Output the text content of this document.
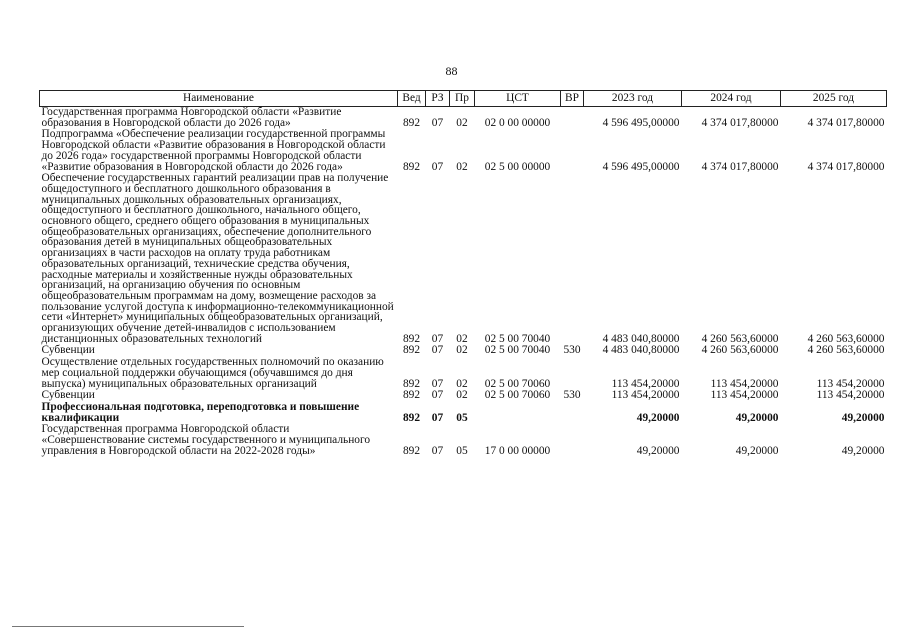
88
Наименование	Вед	РЗ	Пр	ЦСТ	ВР	2023 год	2024 год	2025 год
Государственная программа Новгородской области «Развитие образования в Новгородской области до 2026 года»	892	07	02	02 0 00 00000		4 596 495,00000	4 374 017,80000	4 374 017,80000
Подпрограмма «Обеспечение реализации государственной программы Новгородской области «Развитие образования в Новгородской области до 2026 года» государственной программы Новгородской области «Развитие образования в Новгородской области до 2026 года»	892	07	02	02 5 00 00000		4 596 495,00000	4 374 017,80000	4 374 017,80000
Обеспечение государственных гарантий реализации прав на получение общедоступного и бесплатного дошкольного образования в муниципальных дошкольных образовательных организациях, общедоступного и бесплатного дошкольного, начального общего, основного общего, среднего общего образования в муниципальных общеобразовательных организациях, обеспечение дополнительного образования детей в муниципальных общеобразовательных организациях в части расходов на оплату труда работникам образовательных организаций, технические средства обучения, расходные материалы и хозяйственные нужды образовательных организаций, на организацию обучения по основным общеобразовательным программам на дому, возмещение расходов за пользование услугой доступа к информационно-телекоммуникационной сети «Интернет» муниципальных общеобразовательных организаций, организующих обучение детей-инвалидов с использованием дистанционных образовательных технологий	892	07	02	02 5 00 70040		4 483 040,80000	4 260 563,60000	4 260 563,60000
Субвенции	892	07	02	02 5 00 70040	530	4 483 040,80000	4 260 563,60000	4 260 563,60000
Осуществление отдельных государственных полномочий по оказанию мер социальной поддержки обучающимся (обучавшимся до дня выпуска) муниципальных образовательных организаций	892	07	02	02 5 00 70060		113 454,20000	113 454,20000	113 454,20000
Субвенции	892	07	02	02 5 00 70060	530	113 454,20000	113 454,20000	113 454,20000
Профессиональная подготовка, переподготовка и повышение квалификации	892	07	05			49,20000	49,20000	49,20000
Государственная программа Новгородской области «Совершенствование системы государственного и муниципального управления в Новгородской области на 2022-2028 годы»	892	07	05	17 0 00 00000		49,20000	49,20000	49,20000
